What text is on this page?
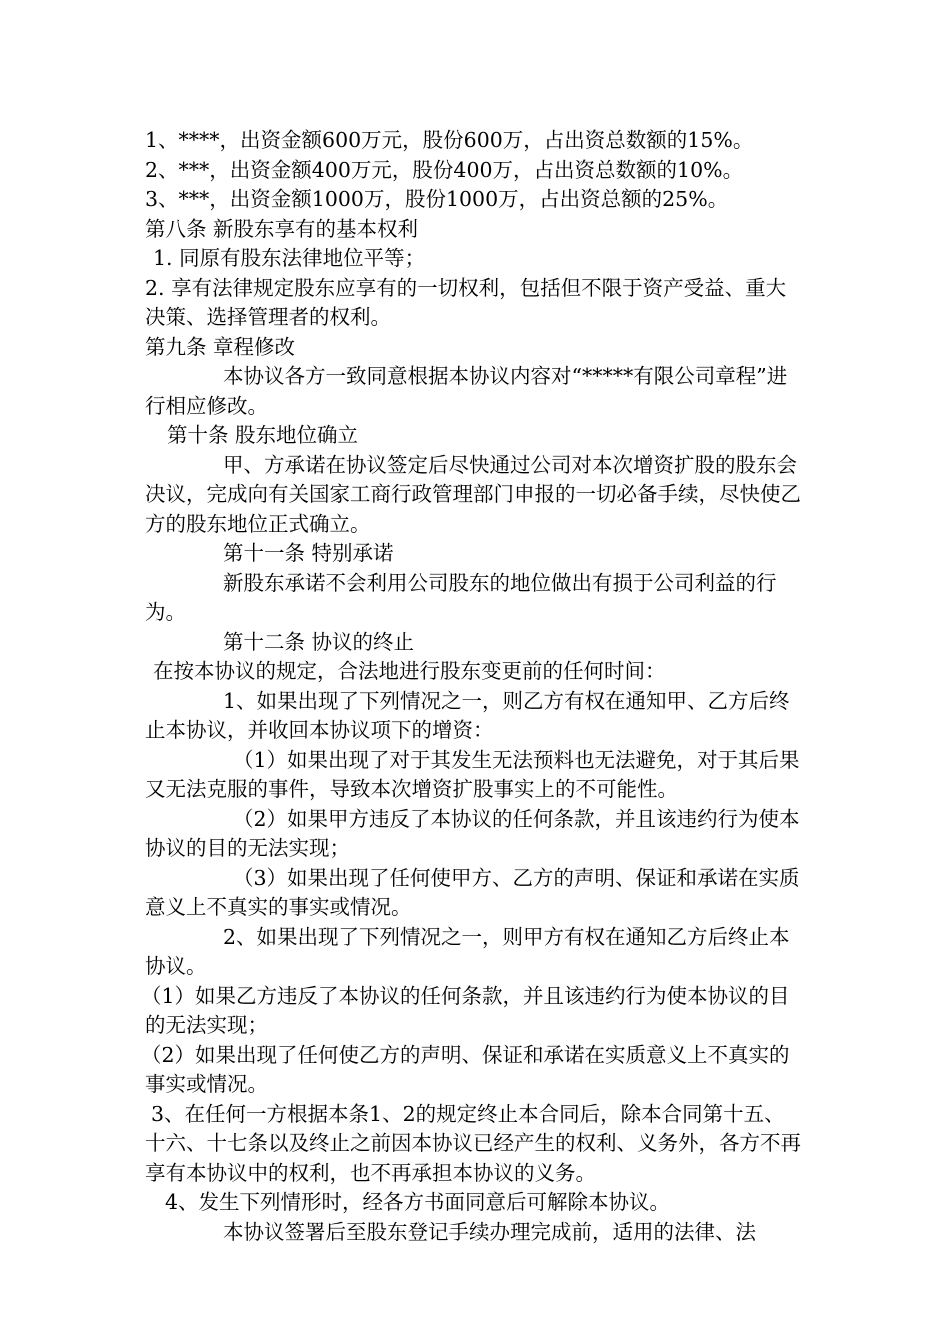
1、****，出资金额600万元，股份600万，占出资总数额的15%。

2、***，出资金额400万元，股份400万，占出资总数额的10%。

3、***，出资金额1000万，股份1000万，占出资总额的25%。

第八条 新股东享有的基本权利

1. 同原有股东法律地位平等；

2. 享有法律规定股东应享有的一切权利，包括但不限于资产受益、重大决策、选择管理者的权利。

第九条 章程修改

本协议各方一致同意根据本协议内容对“*****有限公司章程”进行相应修改。

第十条 股东地位确立

甲、方承诺在协议签定后尽快通过公司对本次增资扩股的股东会决议，完成向有关国家工商行政管理部门申报的一切必备手续，尽快使乙方的股东地位正式确立。

第十一条 特别承诺

新股东承诺不会利用公司股东的地位做出有损于公司利益的行为。

第十二条 协议的终止

在按本协议的规定，合法地进行股东变更前的任何时间：

1、如果出现了下列情况之一，则乙方有权在通知甲、乙方后终止本协议，并收回本协议项下的增资：

（1）如果出现了对于其发生无法预料也无法避免，对于其后果又无法克服的事件，导致本次增资扩股事实上的不可能性。

（2）如果甲方违反了本协议的任何条款，并且该违约行为使本协议的目的无法实现；

（3）如果出现了任何使甲方、乙方的声明、保证和承诺在实质意义上不真实的事实或情况。

2、如果出现了下列情况之一，则甲方有权在通知乙方后终止本协议。

（1）如果乙方违反了本协议的任何条款，并且该违约行为使本协议的目的无法实现；

（2）如果出现了任何使乙方的声明、保证和承诺在实质意义上不真实的事实或情况。

3、在任何一方根据本条1、2的规定终止本合同后，除本合同第十五、十六、十七条以及终止之前因本协议已经产生的权利、义务外，各方不再享有本协议中的权利，也不再承担本协议的义务。

4、发生下列情形时，经各方书面同意后可解除本协议。

本协议签署后至股东登记手续办理完成前，适用的法律、法
